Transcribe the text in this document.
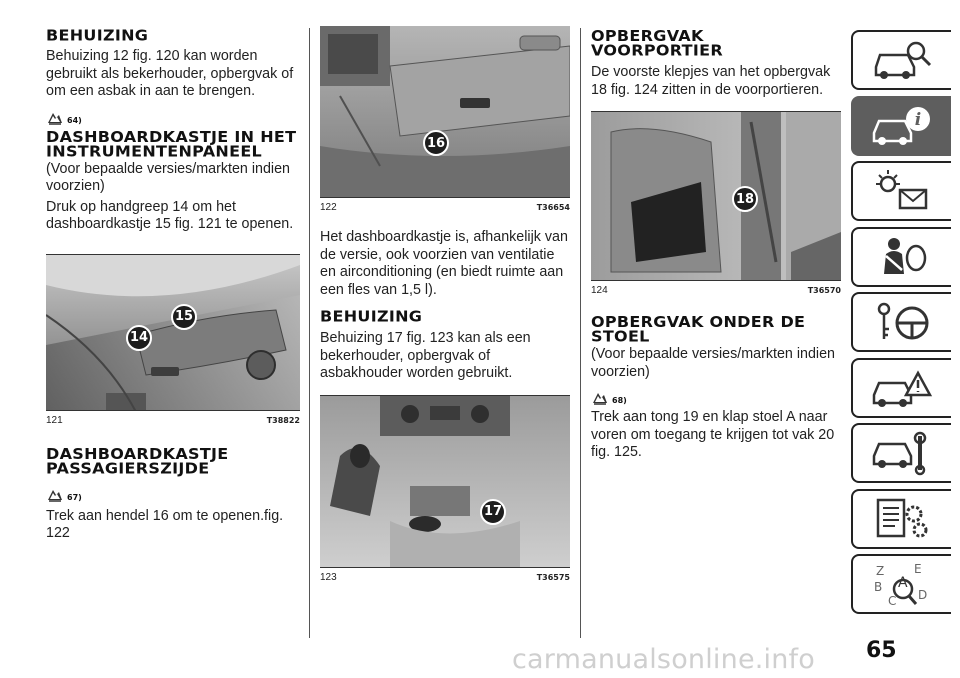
BEHUIZING

Behuizing 12 fig. 120 kan worden gebruikt als bekerhouder, opbergvak of om een asbak in aan te brengen.

64)
DASHBOARDKASTJE IN HET INSTRUMENTENPANEEL

(Voor bepaalde versies/markten indien voorzien)

Druk op handgreep 14 om het dashboardkastje 15 fig. 121 te openen.

14
15
121	T38822
DASHBOARDKASTJE PASSAGIERSZIJDE
67)

Trek aan hendel 16 om te openen.fig. 122

16
122	T36654

Het dashboardkastje is, afhankelijk van de versie, ook voorzien van ventilatie en airconditioning (en biedt ruimte aan een fles van 1,5 l).

BEHUIZING

Behuizing 17 fig. 123 kan als een bekerhouder, opbergvak of asbakhouder worden gebruikt.

17
123	T36575
OPBERGVAK VOORPORTIER

De voorste klepjes van het opbergvak 18 fig. 124 zitten in de voorportieren.

18
124	T36570
OPBERGVAK ONDER DE STOEL

(Voor bepaalde versies/markten indien voorzien)

68)

Trek aan tong 19 en klap stoel A naar voren om toegang te krijgen tot vak 20 fig. 125.

i
Z E
B A
C D
65
carmanualsonline.info
